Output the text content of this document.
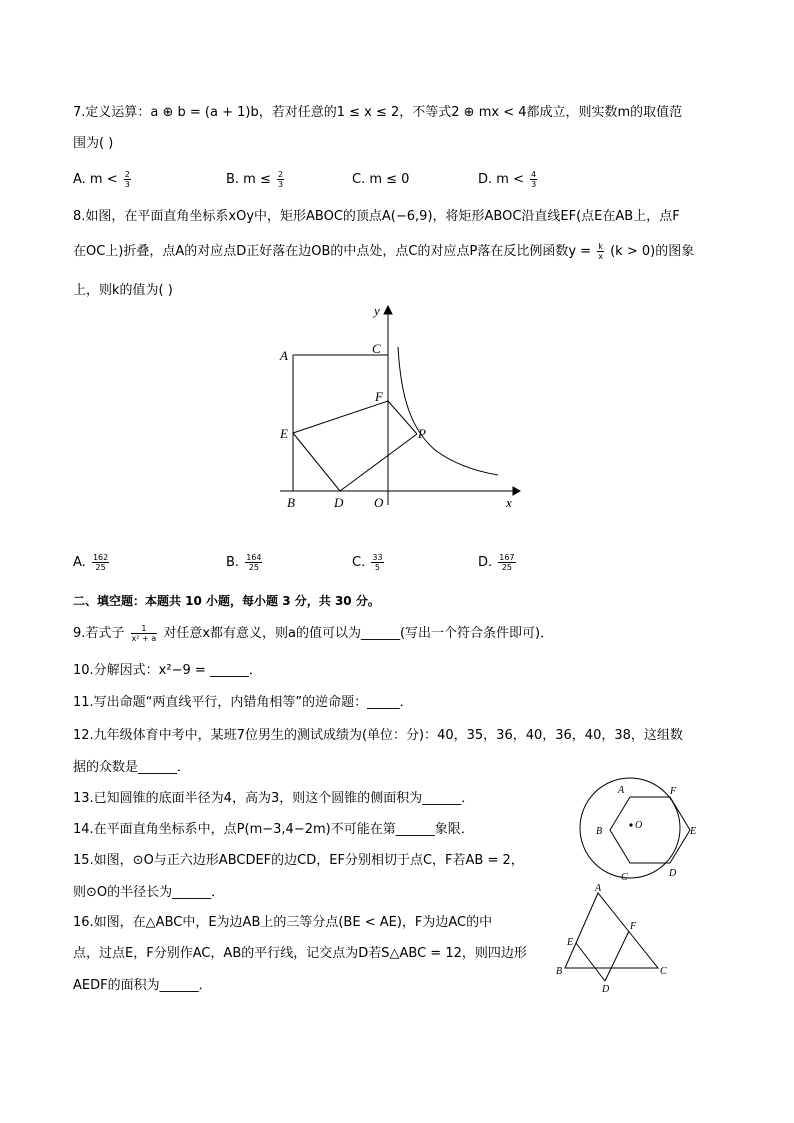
7.定义运算：a ⊕ b = (a + 1)b，若对任意的1 ≤ x ≤ 2，不等式2 ⊕ mx < 4都成立，则实数m的取值范
围为( )
A. $m < \frac{2}{3}$	B. $m \le \frac{2}{3}$	C. m ≤ 0	D. $m < \frac{4}{3}$
8.如图，在平面直角坐标系xOy中，矩形ABOC的顶点A(−6,9)，将矩形ABOC沿直线EF(点E在AB上，点F
在OC上)折叠，点A的对应点D正好落在边OB的中点处，点C的对应点P落在反比例函数$y = \frac{k}{x} (k > 0)$的图象
上，则k的值为( )
y
A	C
F
E	P
B	D O	x
A. $\frac{162}{25}$	B. $\frac{164}{25}$	C. $\frac{33}{5}$	D. $\frac{167}{25}$
二、填空题：本题共 10 小题，每小题 3 分，共 30 分。
9.若式子 $\frac{1}{\text{x² + a}}$ 对任意x都有意义，则a的值可以为______(写出一个符合条件即可)．
10.分解因式：x²−9 = ______．
11.写出命题“两直线平行，内错角相等”的逆命题：_____．
12.九年级体育中考中，某班7位男生的测试成绩为(单位：分)：40，35，36，40，36，40，38，这组数
据的众数是______．
13.已知圆锥的底面半径为4，高为3，则这个圆锥的侧面积为______．
14.在平面直角坐标系中，点P(m−3,4−2m)不可能在第______象限．
15.如图，⊙O与正六边形ABCDEF的边CD，EF分别相切于点C，F若AB = 2，
则⊙O的半径长为______．
A	F
B
O
E
C	D
16.如图，在△ABC中，E为边AB上的三等分点(BE < AE)，F为边AC的中
点，过点E，F分别作AC，AB的平行线，记交点为D若S△ABC = 12，则四边形
AEDF的面积为______．
A
E
F
B
D
C
